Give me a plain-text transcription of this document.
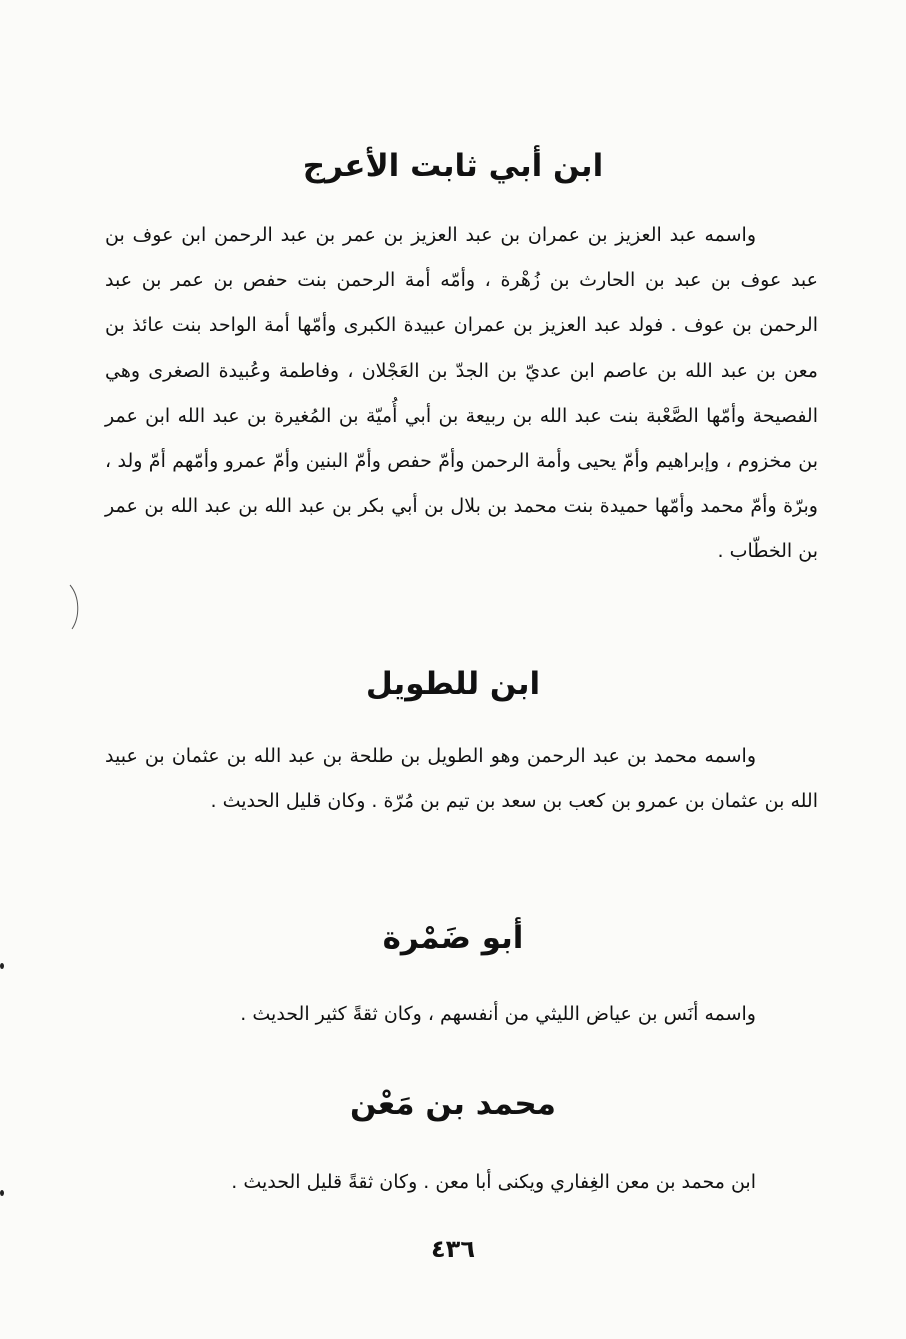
ابن أبي ثابت الأعرج
واسمه عبد العزيز بن عمران بن عبد العزيز بن عمر بن عبد الرحمن ابن عوف بن عبد عوف بن عبد بن الحارث بن زُهْرة ، وأمّه أمة الرحمن بنت حفص بن عمر بن عبد الرحمن بن عوف . فولد عبد العزيز بن عمران عبيدة الكبرى وأمّها أمة الواحد بنت عائذ بن معن بن عبد الله بن عاصم ابن عديّ بن الجدّ بن العَجْلان ، وفاطمة وعُبيدة الصغرى وهي الفصيحة وأمّها الصَّعْبة بنت عبد الله بن ربيعة بن أبي أُميّة بن المُغيرة بن عبد الله ابن عمر بن مخزوم ، وإبراهيم وأمّ يحيى وأمة الرحمن وأمّ حفص وأمّ البنين وأمّ عمرو وأمّهم أمّ ولد ، وبرّة وأمّ محمد وأمّها حميدة بنت محمد بن بلال بن أبي بكر بن عبد الله بن عبد الله بن عمر بن الخطّاب .
ابن للطويل
واسمه محمد بن عبد الرحمن وهو الطويل بن طلحة بن عبد الله بن عثمان بن عبيد الله بن عثمان بن عمرو بن كعب بن سعد بن تيم بن مُرّة . وكان قليل الحديث .
أبو ضَمْرة
واسمه أنَس بن عياض الليثي من أنفسهم ، وكان ثقةً كثير الحديث .
محمد بن مَعْن
ابن محمد بن معن الغِفاري ويكنى أبا معن . وكان ثقةً قليل الحديث .
٤٣٦
